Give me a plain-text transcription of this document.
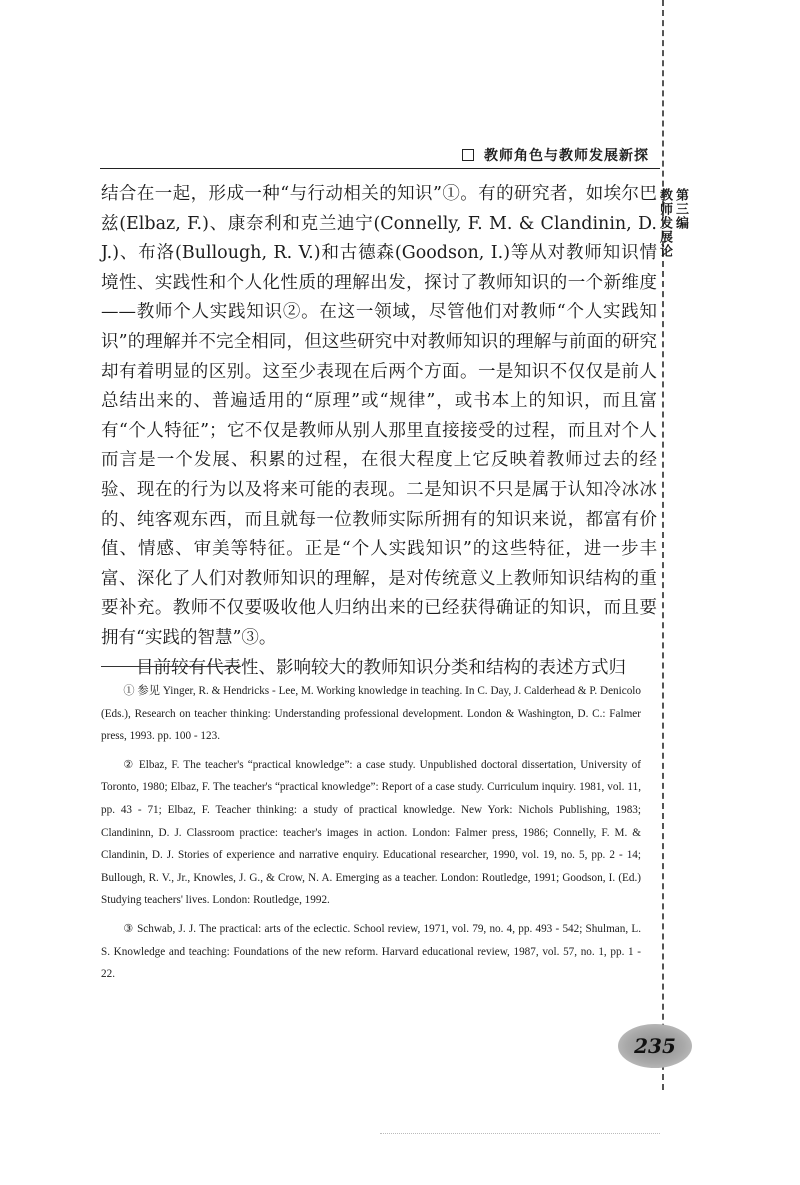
教师角色与教师发展新探
第三编
教师发展论

结合在一起，形成一种“与行动相关的知识”①。有的研究者，如埃尔巴兹(Elbaz, F.)、康奈利和克兰迪宁(Connelly, F. M. & Clandinin, D. J.)、布洛(Bullough, R. V.)和古德森(Goodson, I.)等从对教师知识情境性、实践性和个人化性质的理解出发，探讨了教师知识的一个新维度——教师个人实践知识②。在这一领域，尽管他们对教师“个人实践知识”的理解并不完全相同，但这些研究中对教师知识的理解与前面的研究却有着明显的区别。这至少表现在后两个方面。一是知识不仅仅是前人总结出来的、普遍适用的“原理”或“规律”，或书本上的知识，而且富有“个人特征”；它不仅是教师从别人那里直接接受的过程，而且对个人而言是一个发展、积累的过程，在很大程度上它反映着教师过去的经验、现在的行为以及将来可能的表现。二是知识不只是属于认知冷冰冰的、纯客观东西，而且就每一位教师实际所拥有的知识来说，都富有价值、情感、审美等特征。正是“个人实践知识”的这些特征，进一步丰富、深化了人们对教师知识的理解，是对传统意义上教师知识结构的重要补充。教师不仅要吸收他人归纳出来的已经获得确证的知识，而且要拥有“实践的智慧”③。

目前较有代表性、影响较大的教师知识分类和结构的表述方式归

① 参见 Yinger, R. & Hendricks - Lee, M. Working knowledge in teaching. In C. Day, J. Calderhead & P. Denicolo (Eds.), Research on teacher thinking: Understanding professional development. London & Washington, D. C.: Falmer press, 1993. pp. 100 - 123.

② Elbaz, F. The teacher's “practical knowledge”: a case study. Unpublished doctoral dissertation, University of Toronto, 1980; Elbaz, F. The teacher's “practical knowledge”: Report of a case study. Curriculum inquiry. 1981, vol. 11, pp. 43 - 71; Elbaz, F. Teacher thinking: a study of practical knowledge. New York: Nichols Publishing, 1983; Clandininn, D. J. Classroom practice: teacher's images in action. London: Falmer press, 1986; Connelly, F. M. & Clandinin, D. J. Stories of experience and narrative enquiry. Educational researcher, 1990, vol. 19, no. 5, pp. 2 - 14; Bullough, R. V., Jr., Knowles, J. G., & Crow, N. A. Emerging as a teacher. London: Routledge, 1991; Goodson, I. (Ed.) Studying teachers' lives. London: Routledge, 1992.

③ Schwab, J. J. The practical: arts of the eclectic. School review, 1971, vol. 79, no. 4, pp. 493 - 542; Shulman, L. S. Knowledge and teaching: Foundations of the new reform. Harvard educational review, 1987, vol. 57, no. 1, pp. 1 - 22.

235
